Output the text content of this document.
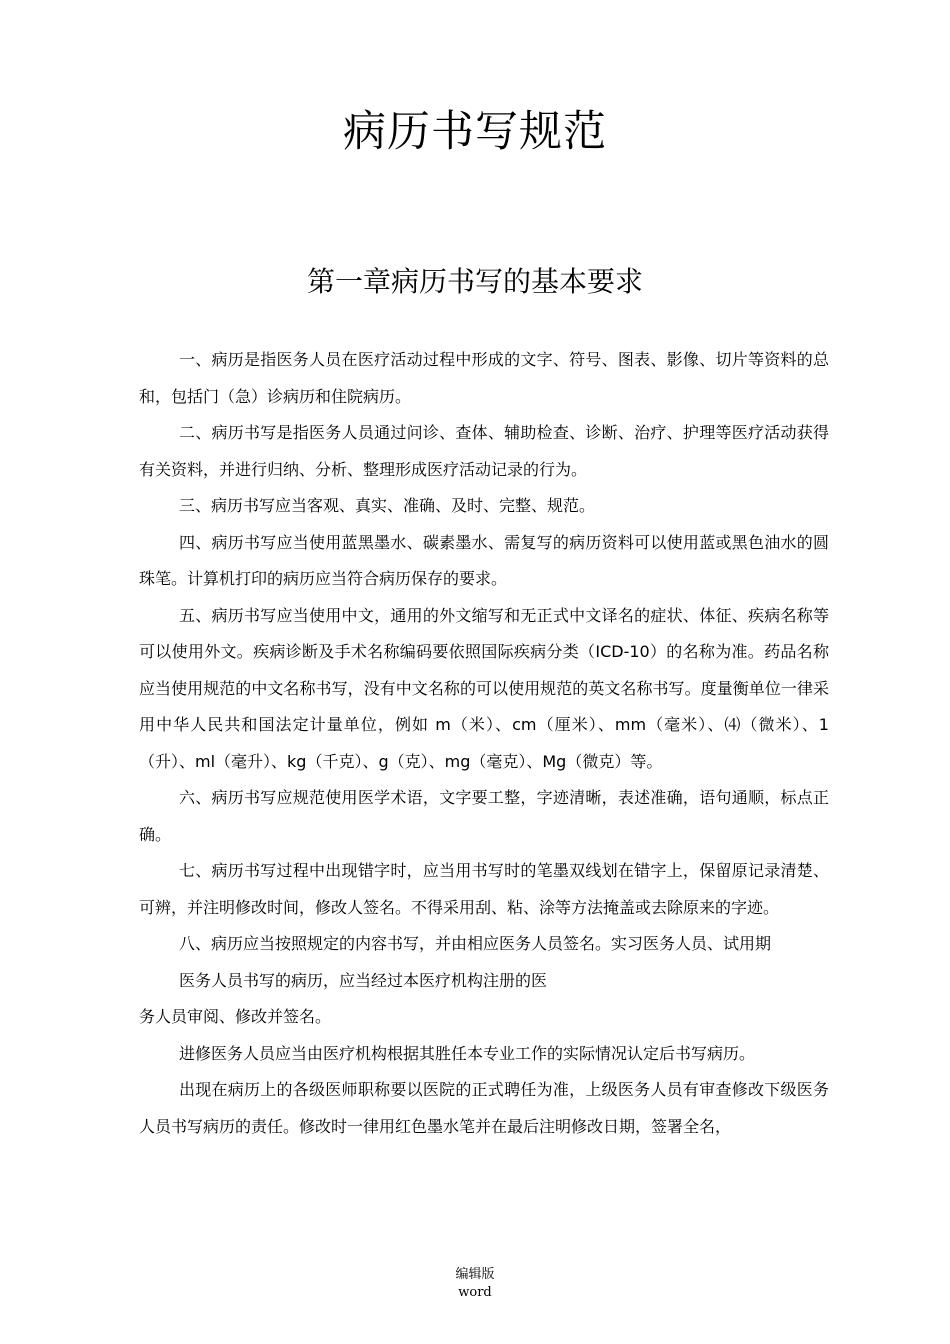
病历书写规范
第一章病历书写的基本要求

一、病历是指医务人员在医疗活动过程中形成的文字、符号、图表、影像、切片等资料的总和，包括门（急）诊病历和住院病历。

二、病历书写是指医务人员通过问诊、查体、辅助检查、诊断、治疗、护理等医疗活动获得有关资料，并进行归纳、分析、整理形成医疗活动记录的行为。

三、病历书写应当客观、真实、准确、及时、完整、规范。

四、病历书写应当使用蓝黑墨水、碳素墨水、需复写的病历资料可以使用蓝或黑色油水的圆珠笔。计算机打印的病历应当符合病历保存的要求。

五、病历书写应当使用中文，通用的外文缩写和无正式中文译名的症状、体征、疾病名称等可以使用外文。疾病诊断及手术名称编码要依照国际疾病分类（ICD-10）的名称为准。药品名称应当使用规范的中文名称书写，没有中文名称的可以使用规范的英文名称书写。度量衡单位一律采用中华人民共和国法定计量单位，例如 m（米）、cm（厘米）、mm（毫米）、⑷（微米）、1（升）、ml（毫升）、kg（千克）、g（克）、mg（毫克）、Mg（微克）等。

六、病历书写应规范使用医学术语，文字要工整，字迹清晰，表述准确，语句通顺，标点正确。

七、病历书写过程中出现错字时，应当用书写时的笔墨双线划在错字上，保留原记录清楚、可辨，并注明修改时间，修改人签名。不得采用刮、粘、涂等方法掩盖或去除原来的字迹。

八、病历应当按照规定的内容书写，并由相应医务人员签名。实习医务人员、试用期

医务人员书写的病历，应当经过本医疗机构注册的医

务人员审阅、修改并签名。

进修医务人员应当由医疗机构根据其胜任本专业工作的实际情况认定后书写病历。

出现在病历上的各级医师职称要以医院的正式聘任为准，上级医务人员有审查修改下级医务人员书写病历的责任。修改时一律用红色墨水笔并在最后注明修改日期，签署全名，

编辑版
word
